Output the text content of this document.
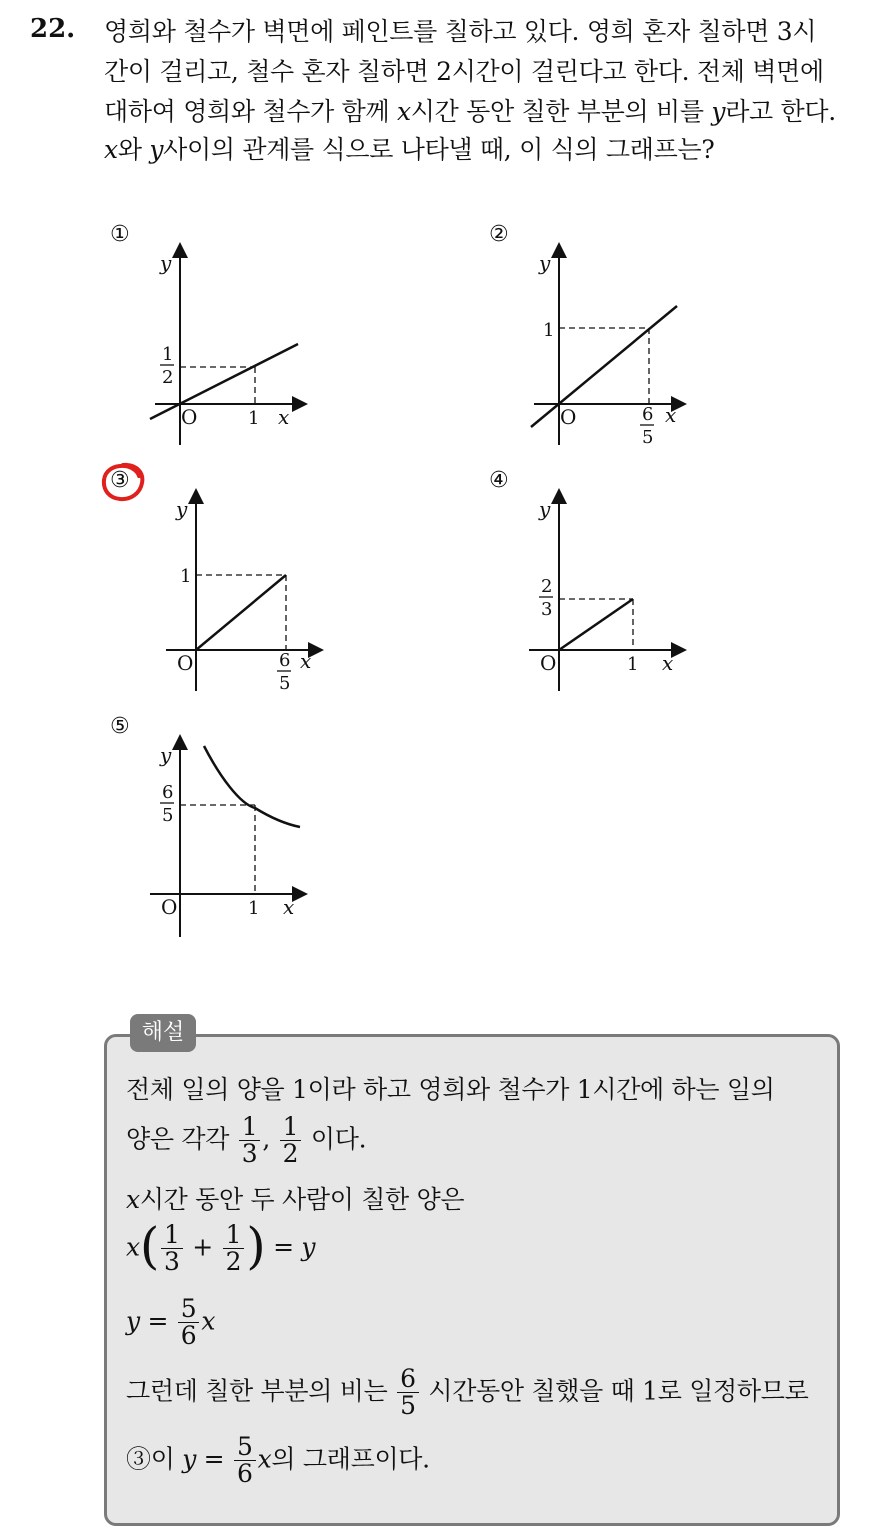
22. 영희와 철수가 벽면에 페인트를 칠하고 있다. 영희 혼자 칠하면 3시
간이 걸리고, 철수 혼자 칠하면 2시간이 걸린다고 한다. 전체 벽면에
대하여 영희와 철수가 함께 x시간 동안 칠한 부분의 비를 y라고 한다.
x와 y사이의 관계를 식으로 나타낼 때, 이 식의 그래프는?
①	②
③	④
⑤
y
x
O
1
2
1
y
x
O
1
6
5
y
x
O
1
6
5
y
x
O
2
3
1
y
x
O
6
5
1
해설
전체 일의 양을 1이라 하고 영희와 철수가 1시간에 하는 일의
양은 각각 $\frac{1}{3}$ , $\frac{1}{2}$ 이다.
x시간 동안 두 사람이 칠한 양은
$x( \frac{1}{3} + \frac{1}{2}$ ) = y
$y = \frac{5}{6}$ x
그런데 칠한 부분의 비는 $\frac{6}{5}$ 시간동안 칠했을 때 1로 일정하므로
③이 $y = \frac{5}{6}$ x의 그래프이다.
